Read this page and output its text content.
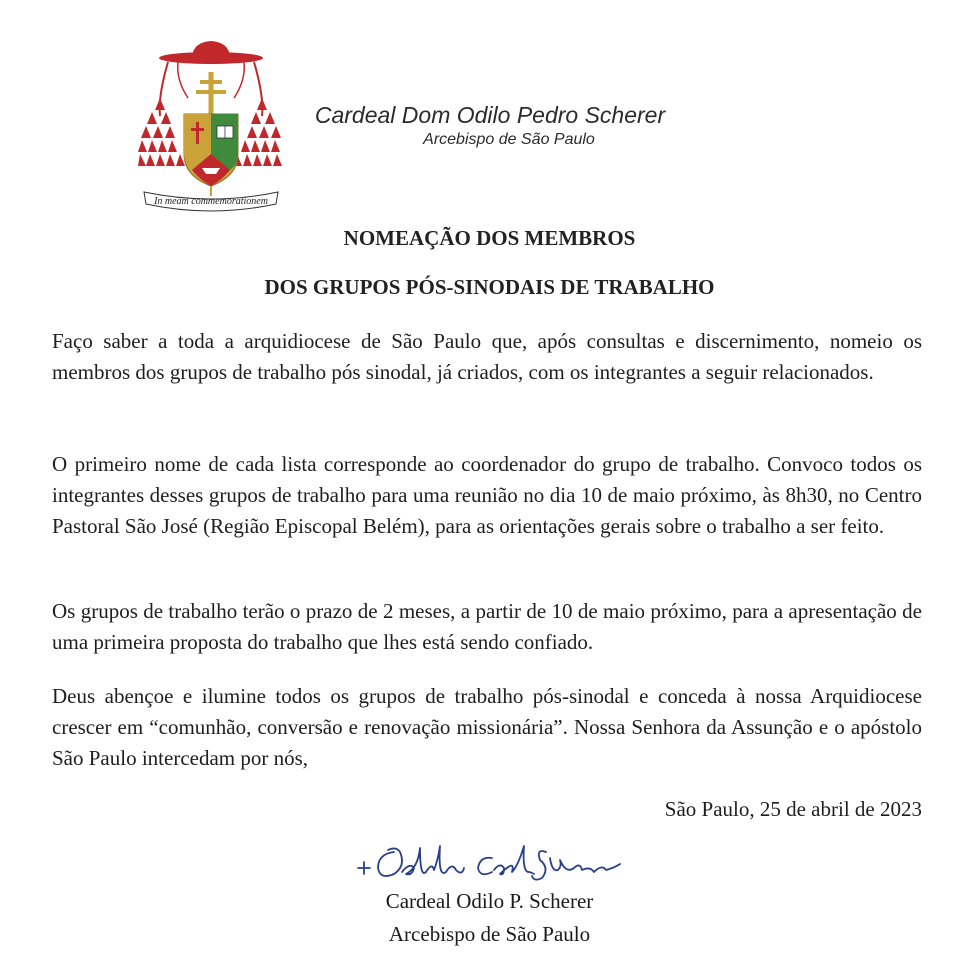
In meam commemorationem
Cardeal Dom Odilo Pedro Scherer
Arcebispo de São Paulo
NOMEAÇÃO DOS MEMBROS
DOS GRUPOS PÓS-SINODAIS DE TRABALHO

Faço saber a toda a arquidiocese de São Paulo que, após consultas e discernimento, nomeio os membros dos grupos de trabalho pós sinodal, já criados, com os integrantes a seguir relacionados.

O primeiro nome de cada lista corresponde ao coordenador do grupo de trabalho. Convoco todos os integrantes desses grupos de trabalho para uma reunião no dia 10 de maio próximo, às 8h30, no Centro Pastoral São José (Região Episcopal Belém), para as orientações gerais sobre o trabalho a ser feito.

Os grupos de trabalho terão o prazo de 2 meses, a partir de 10 de maio próximo, para a apresentação de uma primeira proposta do trabalho que lhes está sendo confiado.

Deus abençoe e ilumine todos os grupos de trabalho pós-sinodal e conceda à nossa Arquidiocese crescer em “comunhão, conversão e renovação missionária”. Nossa Senhora da Assunção e o apóstolo São Paulo intercedam por nós,

São Paulo, 25 de abril de 2023
Cardeal Odilo P. Scherer
Arcebispo de São Paulo
